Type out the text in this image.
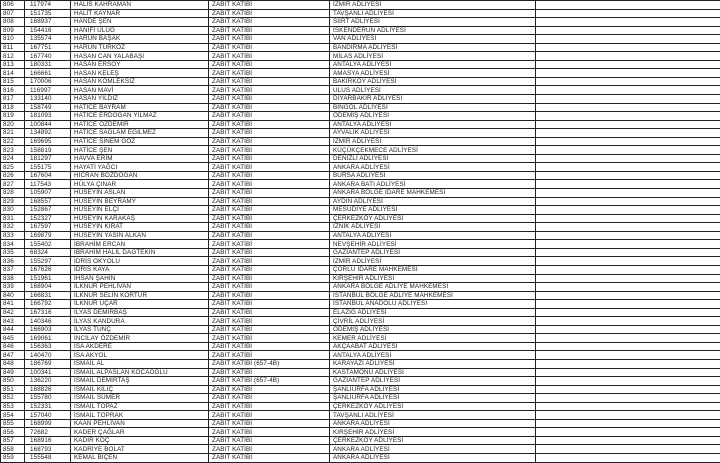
806	117974	HALİS KAHRAMAN	ZABIT KATİBİ	İZMİR ADLİYESİ	
807	151735	HALİT KAYNAR	ZABIT KATİBİ	TAVŞANLI ADLİYESİ	
808	168937	HANDE ŞEN	ZABIT KATİBİ	SİİRT ADLİYESİ	
809	154416	HANİFİ ULUĞ	ZABIT KATİBİ	İSKENDERUN ADLİYESİ	
810	135574	HARUN BAŞAK	ZABIT KATİBİ	VAN ADLİYESİ	
811	167751	HARUN TÜRKÖZ	ZABIT KATİBİ	BANDIRMA ADLİYESİ	
812	167740	HASAN CAN YALABAŞI	ZABIT KATİBİ	MİLAS ADLİYESİ	
813	180331	HASAN ERSOY	ZABIT KATİBİ	ANTALYA ADLİYESİ	
814	166661	HASAN KELEŞ	ZABIT KATİBİ	AMASYA ADLİYESİ	
815	170006	HASAN KÖMLEKSİZ	ZABIT KATİBİ	BAKIRKÖY ADLİYESİ	
816	116997	HASAN MAVİ	ZABIT KATİBİ	ULUS ADLİYESİ	
817	133140	HASAN YILDIZ	ZABIT KATİBİ	DİYARBAKIR ADLİYESİ	
818	158749	HATİCE BAYRAM	ZABIT KATİBİ	BİNGÖL ADLİYESİ	
819	181093	HATİCE ERDOĞAN YILMAZ	ZABIT KATİBİ	ÖDEMİŞ ADLİYESİ	
820	100844	HATİCE ÖZDEMİR	ZABIT KATİBİ	ANTALYA ADLİYESİ	
821	134892	HATİCE SAĞLAM EĞİLMEZ	ZABIT KATİBİ	AYVALIK ADLİYESİ	
822	169695	HATİCE SİNEM GÖZ	ZABIT KATİBİ	İZMİR ADLİYESİ	
823	158819	HATİCE ŞEN	ZABIT KATİBİ	KÜÇÜKÇEKMECE ADLİYESİ	
824	181297	HAVVA ERİM	ZABIT KATİBİ	DENİZLİ ADLİYESİ	
825	155175	HAYATİ YAĞCI	ZABIT KATİBİ	ANKARA ADLİYESİ	
826	167604	HİCRAN BOZDOĞAN	ZABIT KATİBİ	BURSA ADLİYESİ	
827	117543	HÜLYA ÇINAR	ZABIT KATİBİ	ANKARA BATI ADLİYESİ	
828	105907	HÜSEYİN ASLAN	ZABIT KATİBİ	ANKARA BÖLGE İDARE MAHKEMESİ	
829	168557	HÜSEYİN BEYRAMY	ZABIT KATİBİ	AYDIN ADLİYESİ	
830	152867	HÜSEYİN ELÇİ	ZABIT KATİBİ	MESUDİYE ADLİYESİ	
831	152327	HÜSEYİN KARAKAŞ	ZABIT KATİBİ	ÇERKEZKÖY ADLİYESİ	
832	167597	HÜSEYİN KIRAT	ZABIT KATİBİ	İZNİK ADLİYESİ	
833	169879	HÜSEYİN YASİN ALKAN	ZABIT KATİBİ	ANTALYA ADLİYESİ	
834	155402	İBRAHİM ERCAN	ZABIT KATİBİ	NEVŞEHİR ADLİYESİ	
835	68324	İBRAHİM HALİL DAĞTEKİN	ZABIT KATİBİ	GAZİANTEP ADLİYESİ	
836	155297	İDRİS OKYOLU	ZABIT KATİBİ	İZMİR ADLİYESİ	
837	167626	İDRİS KAYA	ZABIT KATİBİ	ÇORLU İDARE MAHKEMESİ	
838	151961	İHSAN ŞAHİN	ZABIT KATİBİ	KIRŞEHİR ADLİYESİ	
839	168904	İLKNUR PEHLİVAN	ZABIT KATİBİ	ANKARA BÖLGE ADLİYE MAHKEMESİ	
840	166831	İLKNUR SELİN KORTUR	ZABIT KATİBİ	İSTANBUL BÖLGE ADLİYE MAHKEMESİ	
841	166792	İLKNUR UÇAR	ZABIT KATİBİ	İSTANBUL ANADOLU ADLİYESİ	
842	167316	İLYAS DEMİRBAŞ	ZABIT KATİBİ	ELAZIĞ ADLİYESİ	
843	140346	İLYAS KANDURA	ZABIT KATİBİ	ÇİVRİL ADLİYESİ	
844	166903	İLYAS TUNÇ	ZABIT KATİBİ	ÖDEMİŞ ADLİYESİ	
845	169061	İNCİLAY ÖZDEMİR	ZABIT KATİBİ	KEMER ADLİYESİ	
846	156363	İSA AKDERE	ZABIT KATİBİ	AKÇAABAT ADLİYESİ	
847	140470	İSA AKYOL	ZABIT KATİBİ	ANTALYA ADLİYESİ	
848	186769	İSMAİL AL	ZABIT KATİBİ (657-4B)	KARAYAZI ADLİYESİ	
849	100341	İSMAİL ALPASLAN KOCAOĞLU	ZABIT KATİBİ	KASTAMONU ADLİYESİ	
850	136220	İSMAİL DEMİRTAŞ	ZABIT KATİBİ (657-4B)	GAZİANTEP ADLİYESİ	
851	168826	İSMAİL KILIÇ	ZABIT KATİBİ	ŞANLIURFA ADLİYESİ	
852	155780	İSMAİL SÜMER	ZABIT KATİBİ	ŞANLIURFA ADLİYESİ	
853	152331	İSMAİL TOPAZ	ZABIT KATİBİ	ÇERKEZKÖY ADLİYESİ	
854	157040	İSMAİL TOPRAK	ZABIT KATİBİ	TAVŞANLI ADLİYESİ	
855	168999	KAAN PEHLİVAN	ZABIT KATİBİ	ANKARA ADLİYESİ	
856	72682	KADER ÇAĞLAR	ZABIT KATİBİ	KIRŞEHİR ADLİYESİ	
857	168916	KADİR KOÇ	ZABIT KATİBİ	ÇERKEZKÖY ADLİYESİ	
858	168793	KADRİYE BOLAT	ZABIT KATİBİ	ANKARA ADLİYESİ	
859	155548	KEMAL BİÇEN	ZABIT KATİBİ	ANKARA ADLİYESİ	
